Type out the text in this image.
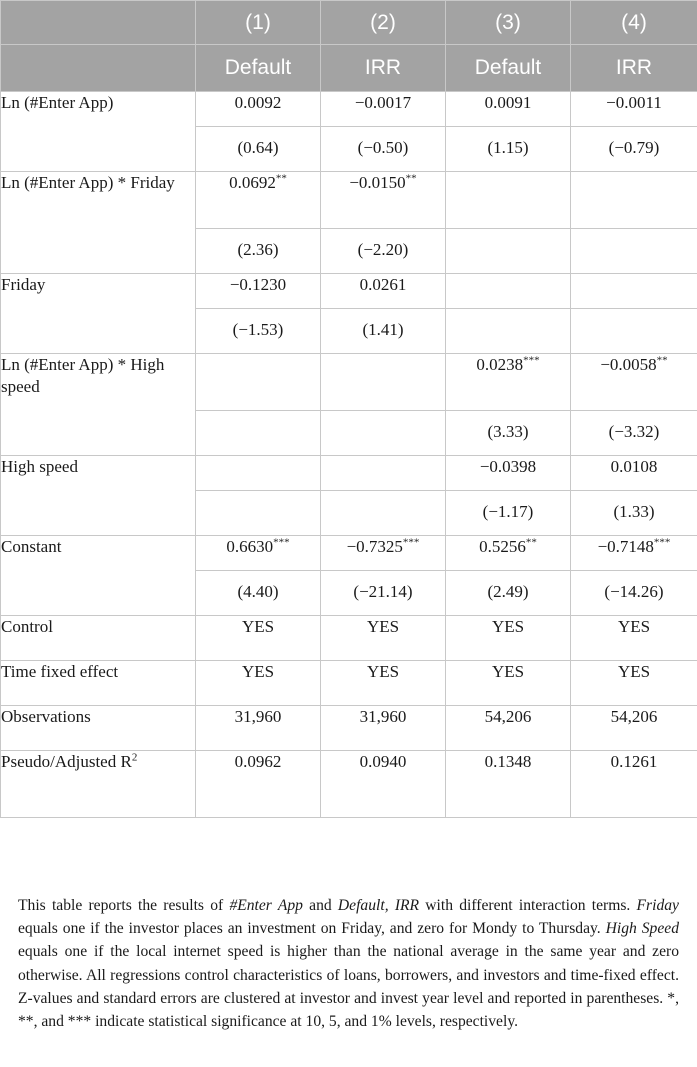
	(1)	(2)	(3)	(4)
	Default	IRR	Default	IRR
Ln (#Enter App)	0.0092	−0.0017	0.0091	−0.0011
	(0.64)	(−0.50)	(1.15)	(−0.79)
Ln (#Enter App) * Friday	0.0692**	−0.0150**		
	(2.36)	(−2.20)		
Friday	−0.1230	0.0261		
	(−1.53)	(1.41)		
Ln (#Enter App) * High speed			0.0238***	−0.0058**
			(3.33)	(−3.32)
High speed			−0.0398	0.0108
			(−1.17)	(1.33)
Constant	0.6630***	−0.7325***	0.5256**	−0.7148***
	(4.40)	(−21.14)	(2.49)	(−14.26)
Control	YES	YES	YES	YES
Time fixed effect	YES	YES	YES	YES
Observations	31,960	31,960	54,206	54,206
Pseudo/Adjusted $R^2$	0.0962	0.0940	0.1348	0.1261
This table reports the results of #Enter App and Default, IRR with different interaction terms. Friday equals one if the investor places an investment on Friday, and zero for Mondy to Thursday. High Speed equals one if the local internet speed is higher than the national average in the same year and zero otherwise. All regressions control characteristics of loans, borrowers, and investors and time-fixed effect. Z-values and standard errors are clustered at investor and invest year level and reported in parentheses. *, **, and *** indicate statistical significance at 10, 5, and 1% levels, respectively.
